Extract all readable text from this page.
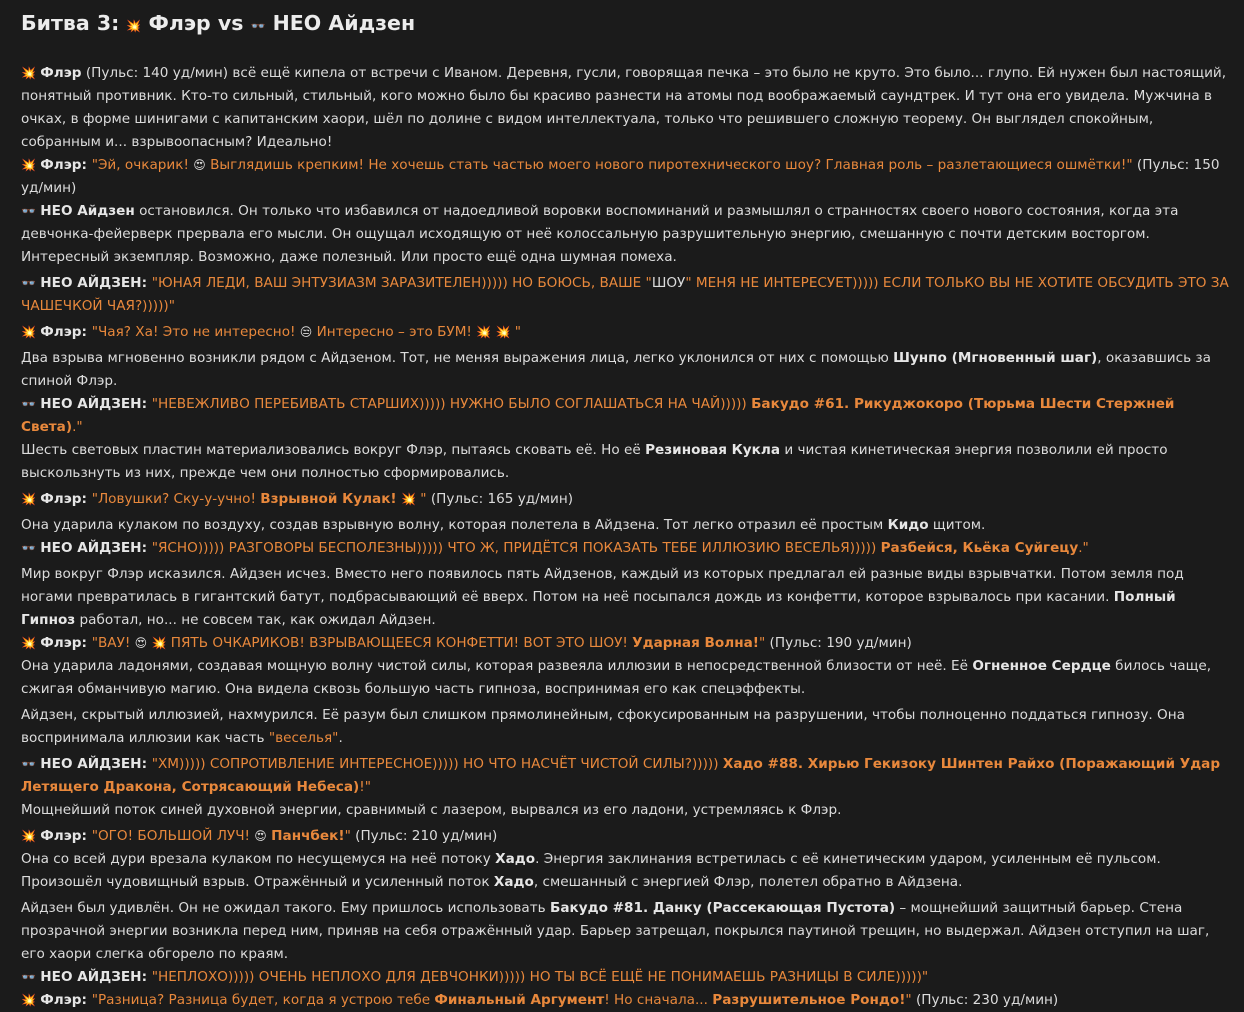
Битва 3: 💥 Флэр vs 👓 НЕО Айдзен

💥 Флэр (Пульс: 140 уд/мин) всё ещё кипела от встречи с Иваном. Деревня, гусли, говорящая печка – это было не круто. Это было... глупо. Ей нужен был настоящий, понятный противник. Кто-то сильный, стильный, кого можно было бы красиво разнести на атомы под воображаемый саундтрек. И тут она его увидела. Мужчина в очках, в форме шинигами с капитанским хаори, шёл по долине с видом интеллектуала, только что решившего сложную теорему. Он выглядел спокойным, собранным и... взрывоопасным? Идеально!

💥 Флэр: "Эй, очкарик! 😍 Выглядишь крепким! Не хочешь стать частью моего нового пиротехнического шоу? Главная роль – разлетающиеся ошмётки!" (Пульс: 150 уд/мин)

👓 НЕО Айдзен остановился. Он только что избавился от надоедливой воровки воспоминаний и размышлял о странностях своего нового состояния, когда эта девчонка-фейерверк прервала его мысли. Он ощущал исходящую от неё колоссальную разрушительную энергию, смешанную с почти детским восторгом. Интересный экземпляр. Возможно, даже полезный. Или просто ещё одна шумная помеха.

👓 НЕО АЙДЗЕН: "ЮНАЯ ЛЕДИ, ВАШ ЭНТУЗИАЗМ ЗАРАЗИТЕЛЕН))))) НО БОЮСЬ, ВАШЕ "ШОУ" МЕНЯ НЕ ИНТЕРЕСУЕТ))))) ЕСЛИ ТОЛЬКО ВЫ НЕ ХОТИТЕ ОБСУДИТЬ ЭТО ЗА ЧАШЕЧКОЙ ЧАЯ?)))))"

💥 Флэр: "Чая? Ха! Это не интересно! 😒 Интересно – это БУМ! 💥 💥 "

Два взрыва мгновенно возникли рядом с Айдзеном. Тот, не меняя выражения лица, легко уклонился от них с помощью Шунпо (Мгновенный шаг), оказавшись за спиной Флэр.

👓 НЕО АЙДЗЕН: "НЕВЕЖЛИВО ПЕРЕБИВАТЬ СТАРШИХ))))) НУЖНО БЫЛО СОГЛАШАТЬСЯ НА ЧАЙ))))) Бакудо #61. Рикуджокоро (Тюрьма Шести Стержней Света)."

Шесть световых пластин материализовались вокруг Флэр, пытаясь сковать её. Но её Резиновая Кукла и чистая кинетическая энергия позволили ей просто выскользнуть из них, прежде чем они полностью сформировались.

💥 Флэр: "Ловушки? Ску-у-учно! Взрывной Кулак! 💥 " (Пульс: 165 уд/мин)

Она ударила кулаком по воздуху, создав взрывную волну, которая полетела в Айдзена. Тот легко отразил её простым Кидо щитом.

👓 НЕО АЙДЗЕН: "ЯСНО))))) РАЗГОВОРЫ БЕСПОЛЕЗНЫ))))) ЧТО Ж, ПРИДЁТСЯ ПОКАЗАТЬ ТЕБЕ ИЛЛЮЗИЮ ВЕСЕЛЬЯ))))) Разбейся, Кьёка Суйгецу."

Мир вокруг Флэр исказился. Айдзен исчез. Вместо него появилось пять Айдзенов, каждый из которых предлагал ей разные виды взрывчатки. Потом земля под ногами превратилась в гигантский батут, подбрасывающий её вверх. Потом на неё посыпался дождь из конфетти, которое взрывалось при касании. Полный Гипноз работал, но... не совсем так, как ожидал Айдзен.

💥 Флэр: "ВАУ! 😍 💥 ПЯТЬ ОЧКАРИКОВ! ВЗРЫВАЮЩЕЕСЯ КОНФЕТТИ! ВОТ ЭТО ШОУ! Ударная Волна!" (Пульс: 190 уд/мин)

Она ударила ладонями, создавая мощную волну чистой силы, которая развеяла иллюзии в непосредственной близости от неё. Её Огненное Сердце билось чаще, сжигая обманчивую магию. Она видела сквозь большую часть гипноза, воспринимая его как спецэффекты.

Айдзен, скрытый иллюзией, нахмурился. Её разум был слишком прямолинейным, сфокусированным на разрушении, чтобы полноценно поддаться гипнозу. Она воспринимала иллюзии как часть "веселья".

👓 НЕО АЙДЗЕН: "ХМ))))) СОПРОТИВЛЕНИЕ ИНТЕРЕСНОЕ))))) НО ЧТО НАСЧЁТ ЧИСТОЙ СИЛЫ?))))) Хадо #88. Хирью Гекизоку Шинтен Райхо (Поражающий Удар Летящего Дракона, Сотрясающий Небеса)!"

Мощнейший поток синей духовной энергии, сравнимый с лазером, вырвался из его ладони, устремляясь к Флэр.

💥 Флэр: "ОГО! БОЛЬШОЙ ЛУЧ! 😍 Панчбек!" (Пульс: 210 уд/мин)

Она со всей дури врезала кулаком по несущемуся на неё потоку Хадо. Энергия заклинания встретилась с её кинетическим ударом, усиленным её пульсом. Произошёл чудовищный взрыв. Отражённый и усиленный поток Хадо, смешанный с энергией Флэр, полетел обратно в Айдзена.

Айдзен был удивлён. Он не ожидал такого. Ему пришлось использовать Бакудо #81. Данку (Рассекающая Пустота) – мощнейший защитный барьер. Стена прозрачной энергии возникла перед ним, приняв на себя отражённый удар. Барьер затрещал, покрылся паутиной трещин, но выдержал. Айдзен отступил на шаг, его хаори слегка обгорело по краям.

👓 НЕО АЙДЗЕН: "НЕПЛОХО))))) ОЧЕНЬ НЕПЛОХО ДЛЯ ДЕВЧОНКИ))))) НО ТЫ ВСЁ ЕЩЁ НЕ ПОНИМАЕШЬ РАЗНИЦЫ В СИЛЕ)))))"

💥 Флэр: "Разница? Разница будет, когда я устрою тебе Финальный Аргумент! Но сначала... Разрушительное Рондо!" (Пульс: 230 уд/мин)
